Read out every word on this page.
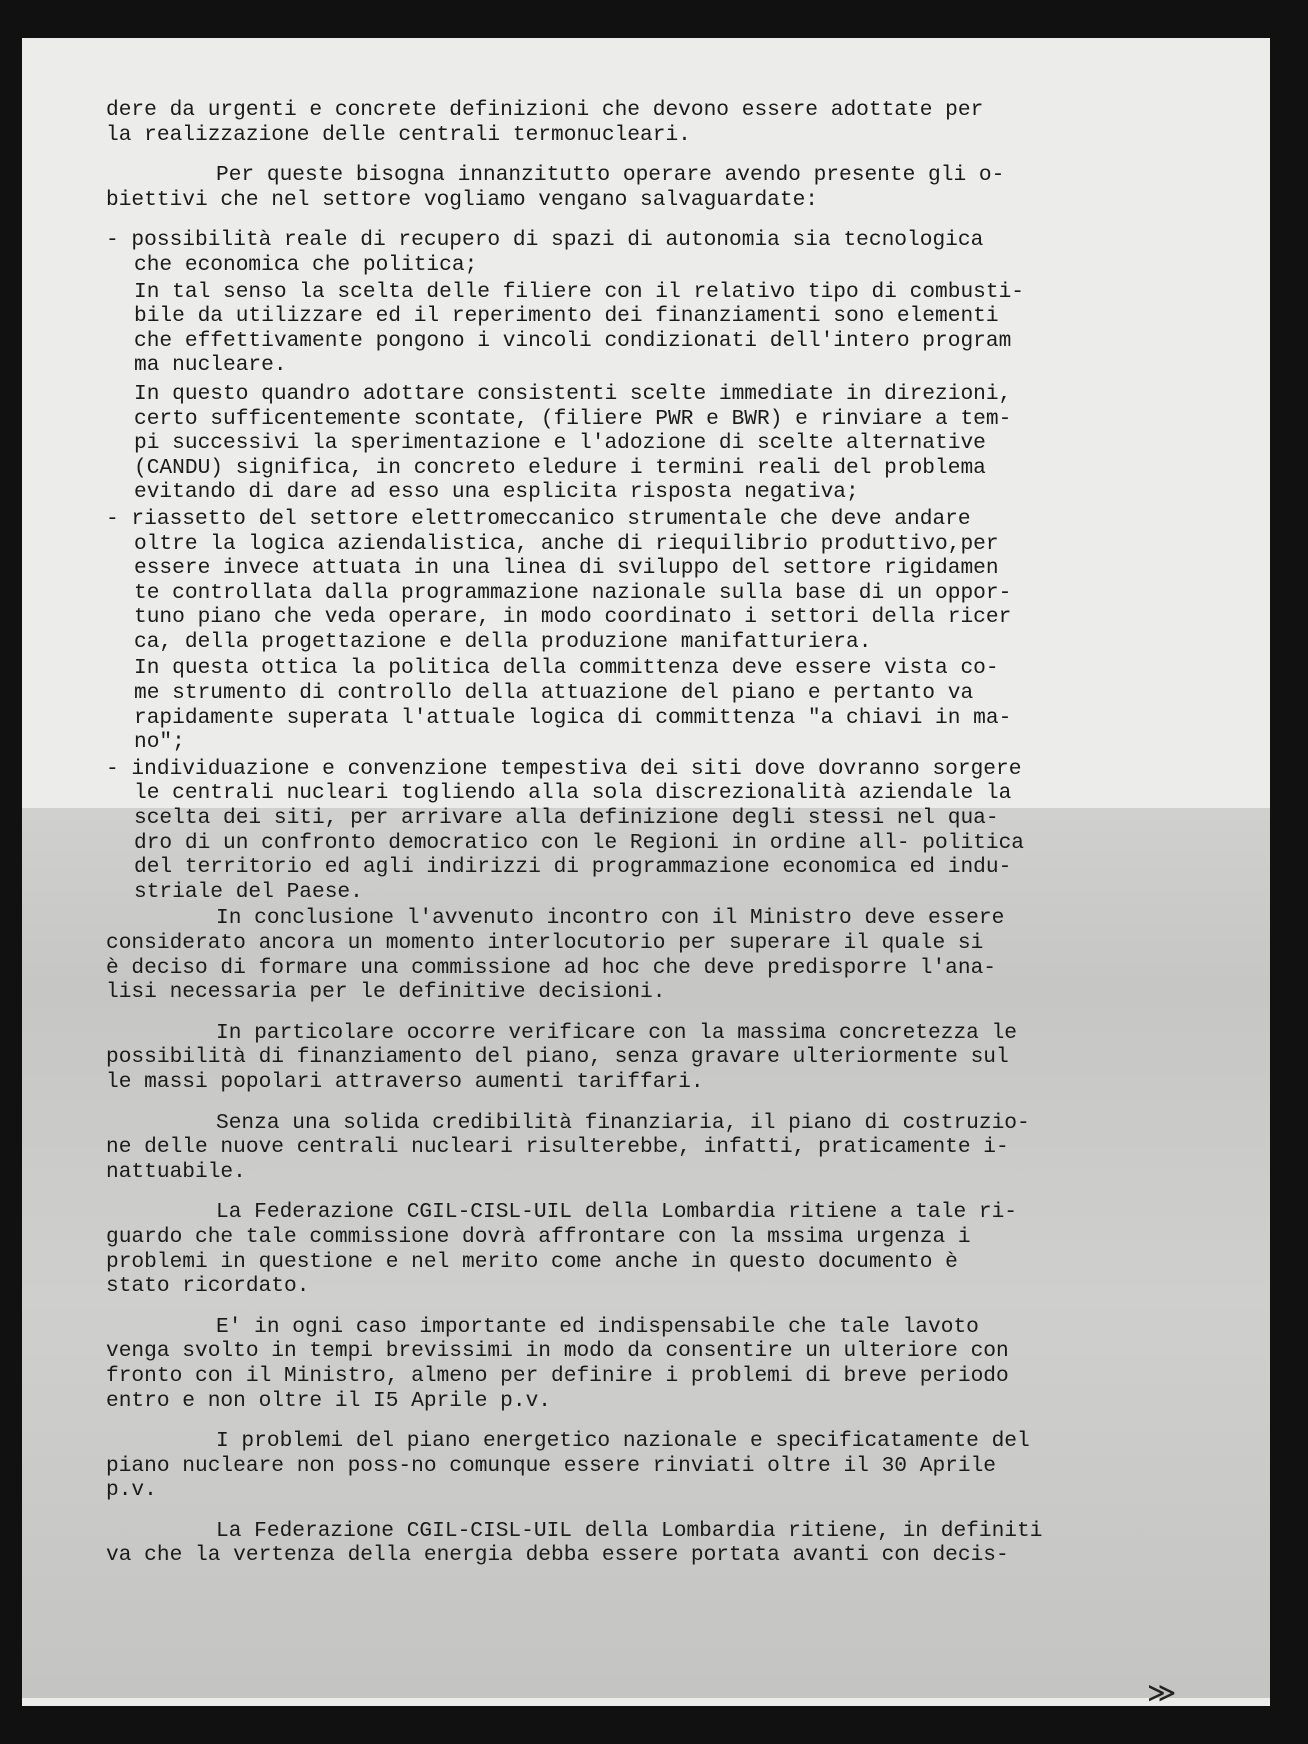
dere da urgenti e concrete definizioni che devono essere adottate per
la realizzazione delle centrali termonucleari.
Per queste bisogna innanzitutto operare avendo presente gli o-
biettivi che nel settore vogliamo vengano salvaguardate:
- possibilità reale di recupero di spazi di autonomia sia tecnologica
che economica che politica;
In tal senso la scelta delle filiere con il relativo tipo di combusti-
bile da utilizzare ed il reperimento dei finanziamenti sono elementi
che effettivamente pongono i vincoli condizionati dell'intero program
ma nucleare.
In questo quandro adottare consistenti scelte immediate in direzioni,
certo sufficentemente scontate, (filiere PWR e BWR) e rinviare a tem-
pi successivi la sperimentazione e l'adozione di scelte alternative
(CANDU) significa, in concreto eledure i termini reali del problema
evitando di dare ad esso una esplicita risposta negativa;
- riassetto del settore elettromeccanico strumentale che deve andare
oltre la logica aziendalistica, anche di riequilibrio produttivo,per
essere invece attuata in una linea di sviluppo del settore rigidamen
te controllata dalla programmazione nazionale sulla base di un oppor-
tuno piano che veda operare, in modo coordinato i settori della ricer
ca, della progettazione e della produzione manifatturiera.
In questa ottica la politica della committenza deve essere vista co-
me strumento di controllo della attuazione del piano e pertanto va
rapidamente superata l'attuale logica di committenza "a chiavi in ma-
no";
- individuazione e convenzione tempestiva dei siti dove dovranno sorgere
le centrali nucleari togliendo alla sola discrezionalità aziendale la
scelta dei siti, per arrivare alla definizione degli stessi nel qua-
dro di un confronto democratico con le Regioni in ordine all- politica
del territorio ed agli indirizzi di programmazione economica ed indu-
striale del Paese.
In conclusione l'avvenuto incontro con il Ministro deve essere
considerato ancora un momento interlocutorio per superare il quale si
è deciso di formare una commissione ad hoc che deve predisporre l'ana-
lisi necessaria per le definitive decisioni.
In particolare occorre verificare con la massima concretezza le
possibilità di finanziamento del piano, senza gravare ulteriormente sul
le massi popolari attraverso aumenti tariffari.
Senza una solida credibilità finanziaria, il piano di costruzio-
ne delle nuove centrali nucleari risulterebbe, infatti, praticamente i-
nattuabile.
La Federazione CGIL-CISL-UIL della Lombardia ritiene a tale ri-
guardo che tale commissione dovrà affrontare con la mssima urgenza i
problemi in questione e nel merito come anche in questo documento è
stato ricordato.
E' in ogni caso importante ed indispensabile che tale lavoto
venga svolto in tempi brevissimi in modo da consentire un ulteriore con
fronto con il Ministro, almeno per definire i problemi di breve periodo
entro e non oltre il I5 Aprile p.v.
I problemi del piano energetico nazionale e specificatamente del
piano nucleare non poss-no comunque essere rinviati oltre il 30 Aprile
p.v.
La Federazione CGIL-CISL-UIL della Lombardia ritiene, in definiti
va che la vertenza della energia debba essere portata avanti con decis-
≫
